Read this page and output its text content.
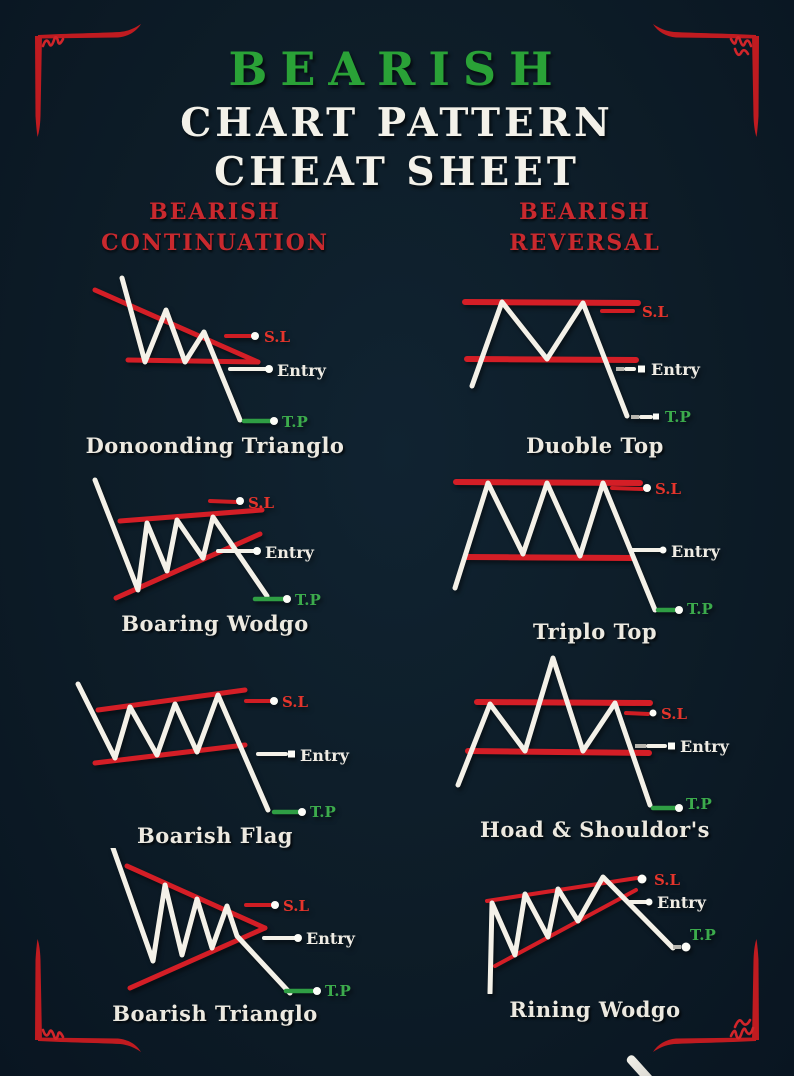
BEARISH
CHART PATTERN
CHEAT SHEET
BEARISH
CONTINUATION
BEARISH
REVERSAL
S.L
Entry
T.P
Donoonding Trianglo
S.L
Entry
T.P
Boaring Wodgo
S.L
Entry
T.P
Boarish Flag
S.L
Entry
T.P
Boarish Trianglo
S.L
Entry
T.P
Duoble Top
S.L
Entry
T.P
Triplo Top
S.L
Entry
T.P
Hoad & Shouldor's
S.L
Entry
T.P
Rining Wodgo
